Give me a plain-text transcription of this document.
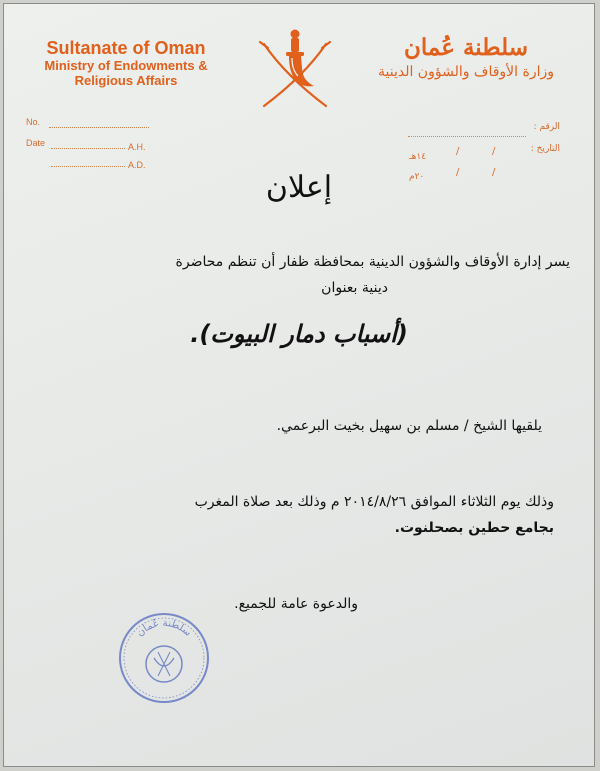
Sultanate of Oman
Ministry of Endowments &
Religious Affairs
سلطنة عُمان
وزارة الأوقاف والشؤون الدينية
No.
Date	A.H.
A.D.
الرقم :
التاريخ :
/
/
١٤هـ
/
/
٢٠م
إعلان
يسر إدارة الأوقاف والشؤون الدينية بمحافظة ظفار أن تنظم محاضرة
دينية بعنوان
(أسباب دمار البيوت).
يلقيها الشيخ / مسلم بن سهيل بخيت البرعمي.
وذلك يوم الثلاثاء الموافق ٢٠١٤/٨/٢٦ م وذلك بعد صلاة المغرب
بجامع حطين بصحلنوت.
والدعوة عامة للجميع.
سلطنة عُمان
